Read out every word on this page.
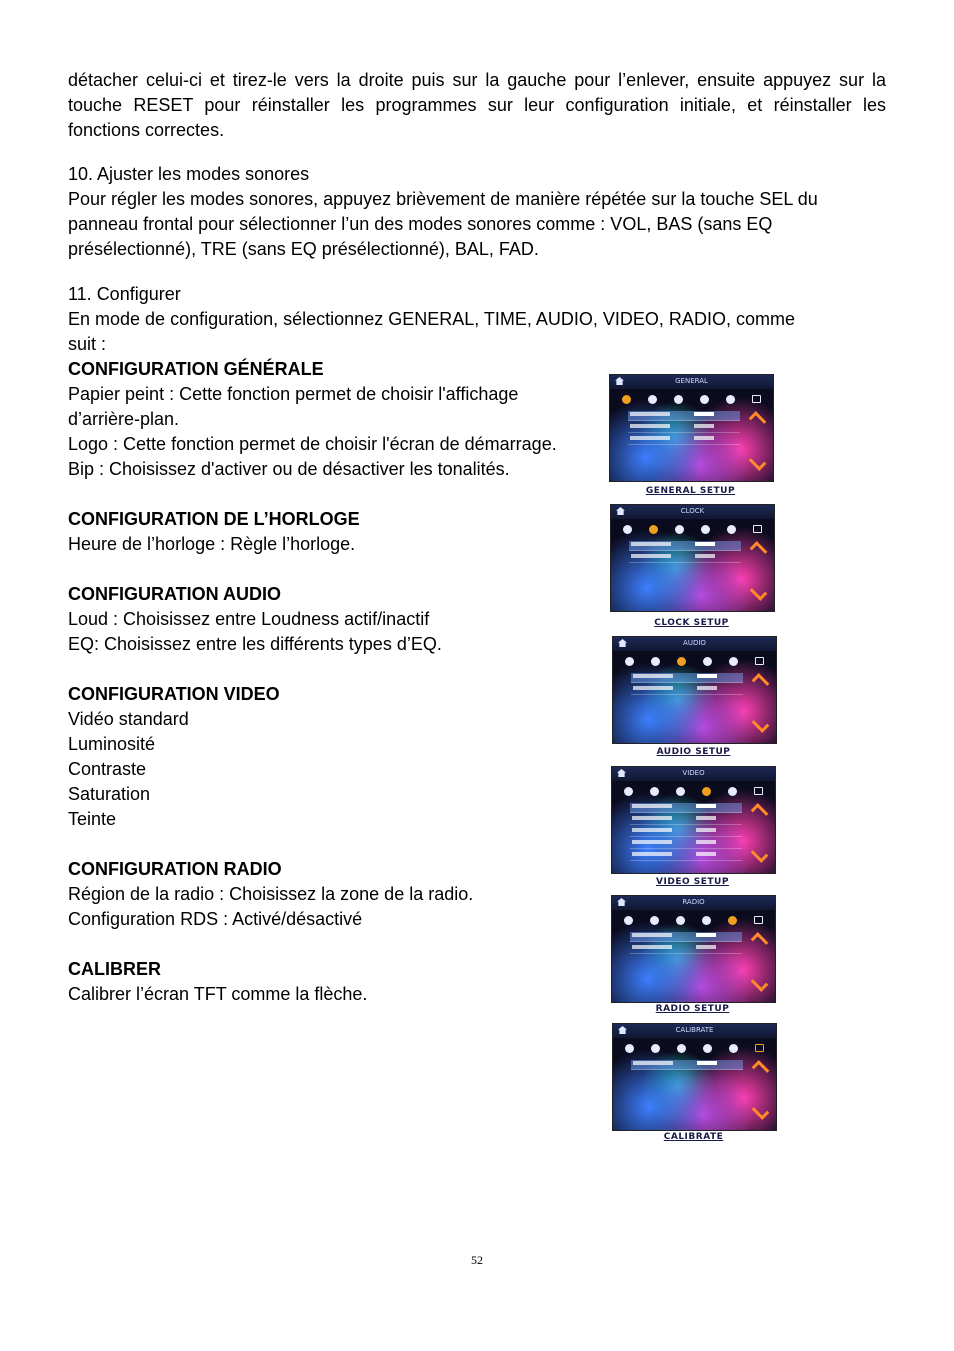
détacher celui-ci et tirez-le vers la droite puis sur la gauche pour l’enlever, ensuite appuyez sur la touche RESET pour réinstaller les programmes sur leur configuration initiale, et réinstaller les fonctions correctes.
10. Ajuster les modes sonores
Pour régler les modes sonores, appuyez brièvement de manière répétée sur la touche SEL du
panneau frontal pour sélectionner l’un des modes sonores comme : VOL, BAS (sans EQ
présélectionné), TRE (sans EQ présélectionné), BAL, FAD.
11. Configurer
En mode de configuration, sélectionnez GENERAL, TIME, AUDIO, VIDEO, RADIO, comme
suit :
CONFIGURATION GÉNÉRALE
Papier peint : Cette fonction permet de choisir l'affichage
d’arrière-plan.
Logo : Cette fonction permet de choisir l'écran de démarrage.
Bip : Choisissez d'activer ou de désactiver les tonalités.
CONFIGURATION DE L’HORLOGE
Heure de l’horloge : Règle l’horloge.
CONFIGURATION AUDIO
Loud : Choisissez entre Loudness actif/inactif
EQ: Choisissez entre les différents types d’EQ.
CONFIGURATION VIDEO
Vidéo standard
Luminosité
Contraste
Saturation
Teinte
CONFIGURATION RADIO
Région de la radio : Choisissez la zone de la radio.
Configuration RDS : Activé/désactivé
CALIBRER
Calibrer l’écran TFT comme la flèche.
GENERAL
GENERAL SETUP
CLOCK
CLOCK SETUP
AUDIO
AUDIO SETUP
VIDEO
VIDEO SETUP
RADIO
RADIO SETUP
CALIBRATE
CALIBRATE
52
